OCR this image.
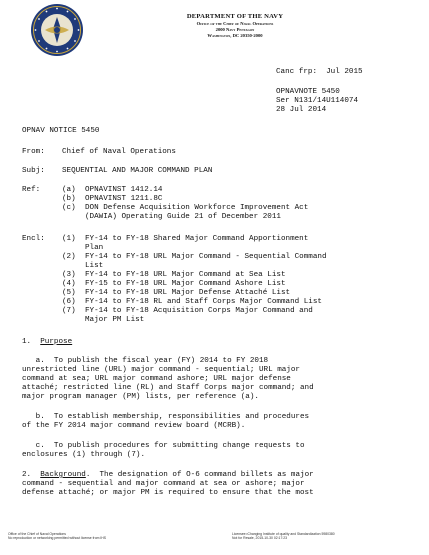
DEPARTMENT OF THE NAVY
Office of the Chief of Naval Operations
2000 Navy Pentagon
Washington, DC 20350-2000
Canc frp:  Jul 2015
OPNAVNOTE 5450
Ser N131/14U114074
28 Jul 2014
OPNAV NOTICE 5450
From: Chief of Naval Operations
Subj: SEQUENTIAL AND MAJOR COMMAND PLAN
Ref:	(a) OPNAVINST 1412.14
(b) OPNAVINST 1211.8C
(c) DON Defense Acquisition Workforce Improvement Act
(DAWIA) Operating Guide 21 of December 2011
Encl: (1) FY-14 to FY-18 Shared Major Command Apportionment
Plan
(2) FY-14 to FY-18 URL Major Command - Sequential Command
List
(3) FY-14 to FY-18 URL Major Command at Sea List
(4) FY-15 to FY-18 URL Major Command Ashore List
(5) FY-14 to FY-18 URL Major Defense Attaché List
(6) FY-14 to FY-18 RL and Staff Corps Major Command List
(7) FY-14 to FY-18 Acquisition Corps Major Command and
Major PM List
1. Purpose
a.  To publish the fiscal year (FY) 2014 to FY 2018
unrestricted line (URL) major command - sequential; URL major
command at sea; URL major command ashore; URL major defense
attaché; restricted line (RL) and Staff Corps major command; and
major program manager (PM) lists, per reference (a).
b.  To establish membership, responsibilities and procedures
of the FY 2014 major command review board (MCRB).
c.  To publish procedures for submitting change requests to
enclosures (1) through (7).
2. Background.  The designation of O-6 command billets as major
command - sequential and major command at sea or ashore; major
defense attaché; or major PM is required to ensure that the most
Office of the Chief of Naval Operations
No reproduction or networking permitted without license from IHS
Licensee=Changing Institute of quality and Standardization 5980380
Not for Resale, 2015-10-30 02:17:23
